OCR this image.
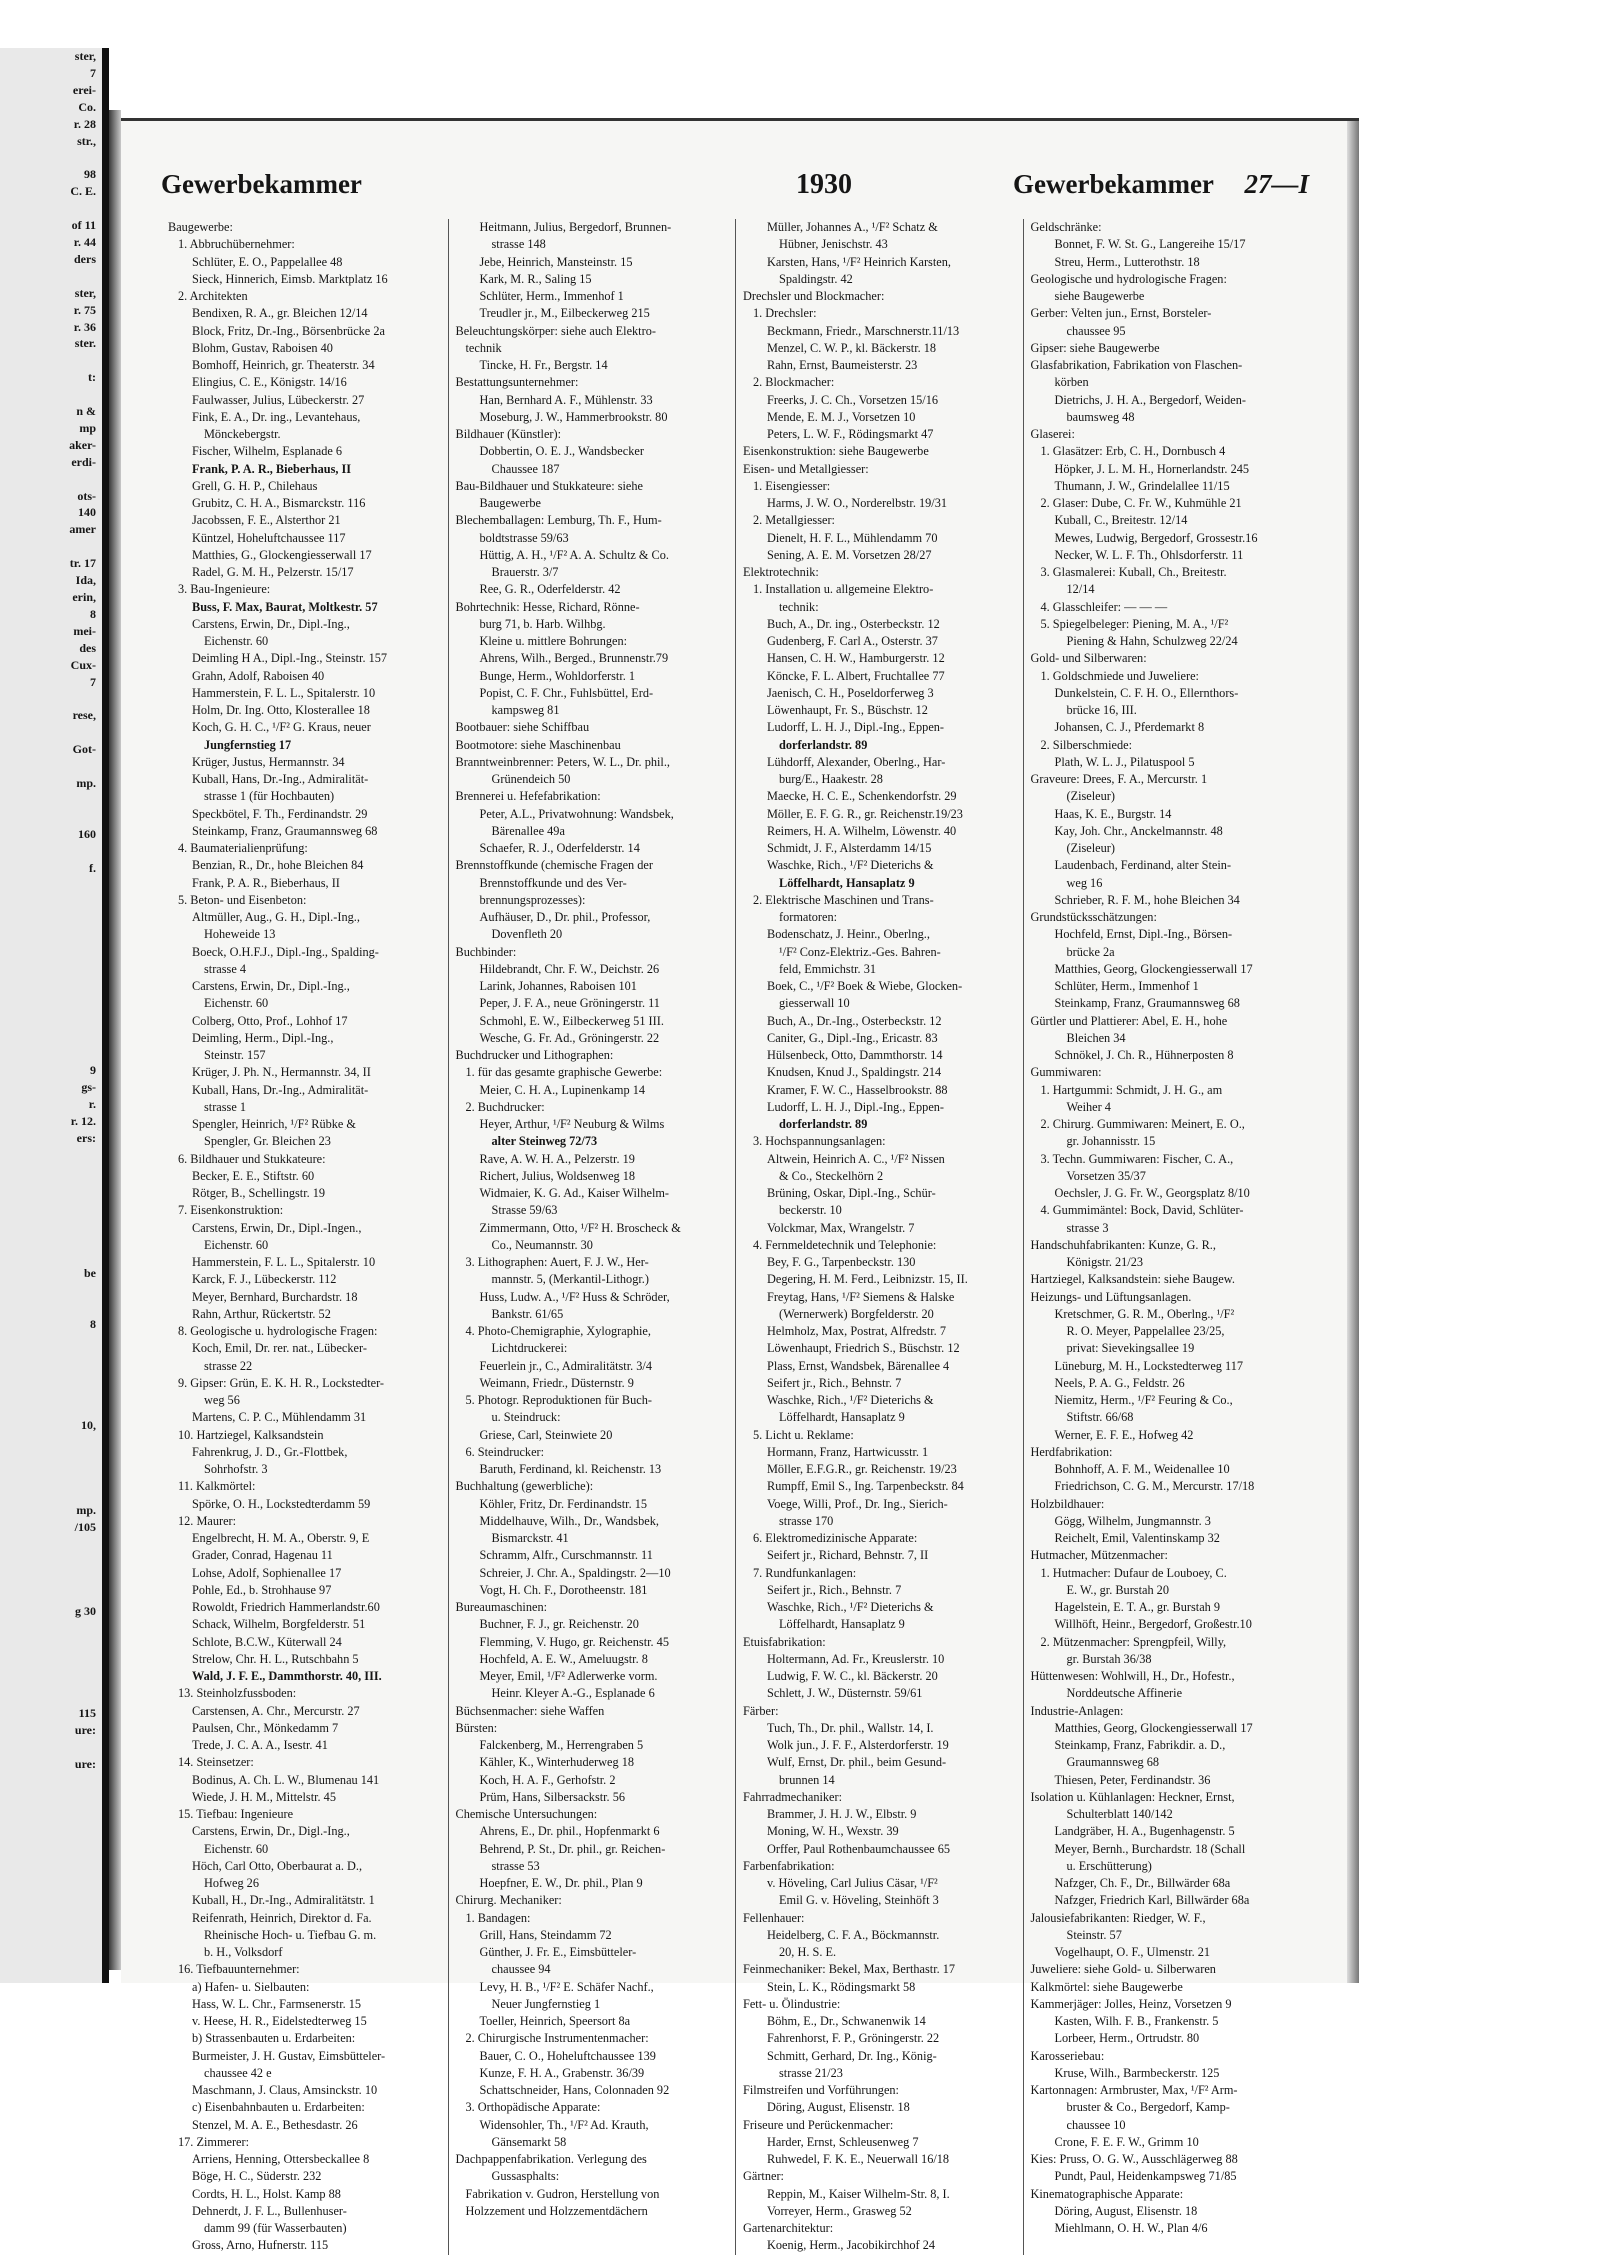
ster,
7
erei-
Co.
r. 28
str.,

98
C. E.

of 11
r. 44
ders

ster,
r. 75
r. 36
ster.

t:

n &
mp
aker-
erdi-

ots-
140
amer

tr. 17
Ida,
erin,
8
mei-
des
Cux-
7

rese,

Got-

mp.

160

f.

9
gs-
r.
r. 12.
ers:

be

8

10,

mp.
/105

g 30

115
ure:

ure:
Gewerbekammer	1930	Gewerbekammer 27—I
Baugewerbe:
1. Abbruchübernehmer:
Schlüter, E. O., Pappelallee 48
Sieck, Hinnerich, Eimsb. Marktplatz 16
2. Architekten
Bendixen, R. A., gr. Bleichen 12/14
Block, Fritz, Dr.-Ing., Börsenbrücke 2a
Blohm, Gustav, Raboisen 40
Bomhoff, Heinrich, gr. Theaterstr. 34
Elingius, C. E., Königstr. 14/16
Faulwasser, Julius, Lübeckerstr. 27
Fink, E. A., Dr. ing., Levantehaus,
Mönckebergstr.
Fischer, Wilhelm, Esplanade 6
Frank, P. A. R., Bieberhaus, II
Grell, G. H. P., Chilehaus
Grubitz, C. H. A., Bismarckstr. 116
Jacobssen, F. E., Alsterthor 21
Küntzel, Hoheluftchaussee 117
Matthies, G., Glockengiesserwall 17
Radel, G. M. H., Pelzerstr. 15/17
3. Bau-Ingenieure:
Buss, F. Max, Baurat, Moltkestr. 57
Carstens, Erwin, Dr., Dipl.-Ing.,
Eichenstr. 60
Deimling H A., Dipl.-Ing., Steinstr. 157
Grahn, Adolf, Raboisen 40
Hammerstein, F. L. L., Spitalerstr. 10
Holm, Dr. Ing. Otto, Klosterallee 18
Koch, G. H. C., ¹/F² G. Kraus, neuer
Jungfernstieg 17
Krüger, Justus, Hermannstr. 34
Kuball, Hans, Dr.-Ing., Admiralität-
strasse 1 (für Hochbauten)
Speckbötel, F. Th., Ferdinandstr. 29
Steinkamp, Franz, Graumannsweg 68
4. Baumaterialienprüfung:
Benzian, R., Dr., hohe Bleichen 84
Frank, P. A. R., Bieberhaus, II
5. Beton- und Eisenbeton:
Altmüller, Aug., G. H., Dipl.-Ing.,
Hoheweide 13
Boeck, O.H.F.J., Dipl.-Ing., Spalding-
strasse 4
Carstens, Erwin, Dr., Dipl.-Ing.,
Eichenstr. 60
Colberg, Otto, Prof., Lohhof 17
Deimling, Herm., Dipl.-Ing.,
Steinstr. 157
Krüger, J. Ph. N., Hermannstr. 34, II
Kuball, Hans, Dr.-Ing., Admiralität-
strasse 1
Spengler, Heinrich, ¹/F² Rübke &
Spengler, Gr. Bleichen 23
6. Bildhauer und Stukkateure:
Becker, E. E., Stiftstr. 60
Rötger, B., Schellingstr. 19
7. Eisenkonstruktion:
Carstens, Erwin, Dr., Dipl.-Ingen.,
Eichenstr. 60
Hammerstein, F. L. L., Spitalerstr. 10
Karck, F. J., Lübeckerstr. 112
Meyer, Bernhard, Burchardstr. 18
Rahn, Arthur, Rückertstr. 52
8. Geologische u. hydrologische Fragen:
Koch, Emil, Dr. rer. nat., Lübecker-
strasse 22
9. Gipser: Grün, E. K. H. R., Lockstedter-
weg 56
Martens, C. P. C., Mühlendamm 31
10. Hartziegel, Kalksandstein
Fahrenkrug, J. D., Gr.-Flottbek,
Sohrhofstr. 3
11. Kalkmörtel:
Spörke, O. H., Lockstedterdamm 59
12. Maurer:
Engelbrecht, H. M. A., Oberstr. 9, E
Grader, Conrad, Hagenau 11
Lohse, Adolf, Sophienallee 17
Pohle, Ed., b. Strohhause 97
Rowoldt, Friedrich Hammerlandstr.60
Schack, Wilhelm, Borgfelderstr. 51
Schlote, B.C.W., Küterwall 24
Strelow, Chr. H. L., Rutschbahn 5
Wald, J. F. E., Dammthorstr. 40, III.
13. Steinholzfussboden:
Carstensen, A. Chr., Mercurstr. 27
Paulsen, Chr., Mönkedamm 7
Trede, J. C. A. A., Isestr. 41
14. Steinsetzer:
Bodinus, A. Ch. L. W., Blumenau 141
Wiede, J. H. M., Mittelstr. 45
15. Tiefbau: Ingenieure
Carstens, Erwin, Dr., Digl.-Ing.,
Eichenstr. 60
Höch, Carl Otto, Oberbaurat a. D.,
Hofweg 26
Kuball, H., Dr.-Ing., Admiralitätstr. 1
Reifenrath, Heinrich, Direktor d. Fa.
Rheinische Hoch- u. Tiefbau G. m.
b. H., Volksdorf
16. Tiefbauunternehmer:
a) Hafen- u. Sielbauten:
Hass, W. L. Chr., Farmsenerstr. 15
v. Heese, H. R., Eidelstedterweg 15
b) Strassenbauten u. Erdarbeiten:
Burmeister, J. H. Gustav, Eimsbütteler-
chaussee 42 e
Maschmann, J. Claus, Amsinckstr. 10
c) Eisenbahnbauten u. Erdarbeiten:
Stenzel, M. A. E., Bethesdastr. 26
17. Zimmerer:
Arriens, Henning, Ottersbeckallee 8
Böge, H. C., Süderstr. 232
Cordts, H. L., Holst. Kamp 88
Dehnerdt, J. F. L., Bullenhuser-
damm 99 (für Wasserbauten)
Gross, Arno, Hufnerstr. 115
Heitmann, Julius, Bergedorf, Brunnen-
strasse 148
Jebe, Heinrich, Mansteinstr. 15
Kark, M. R., Saling 15
Schlüter, Herm., Immenhof 1
Treudler jr., M., Eilbeckerweg 215
Beleuchtungskörper: siehe auch Elektro-
technik
Tincke, H. Fr., Bergstr. 14
Bestattungsunternehmer:
Han, Bernhard A. F., Mühlenstr. 33
Moseburg, J. W., Hammerbrookstr. 80
Bildhauer (Künstler):
Dobbertin, O. E. J., Wandsbecker
Chaussee 187
Bau-Bildhauer und Stukkateure: siehe
Baugewerbe
Blechemballagen: Lemburg, Th. F., Hum-
boldtstrasse 59/63
Hüttig, A. H., ¹/F² A. A. Schultz & Co.
Brauerstr. 3/7
Ree, G. R., Oderfelderstr. 42
Bohrtechnik: Hesse, Richard, Rönne-
burg 71, b. Harb. Wilhbg.
Kleine u. mittlere Bohrungen:
Ahrens, Wilh., Berged., Brunnenstr.79
Bunge, Herm., Wohldorferstr. 1
Popist, C. F. Chr., Fuhlsbüttel, Erd-
kampsweg 81
Bootbauer: siehe Schiffbau
Bootmotore: siehe Maschinenbau
Branntweinbrenner: Peters, W. L., Dr. phil.,
Grünendeich 50
Brennerei u. Hefefabrikation:
Peter, A.L., Privatwohnung: Wandsbek,
Bärenallee 49a
Schaefer, R. J., Oderfelderstr. 14
Brennstoffkunde (chemische Fragen der
Brennstoffkunde und des Ver-
brennungsprozesses):
Aufhäuser, D., Dr. phil., Professor,
Dovenfleth 20
Buchbinder:
Hildebrandt, Chr. F. W., Deichstr. 26
Larink, Johannes, Raboisen 101
Peper, J. F. A., neue Gröningerstr. 11
Schmohl, E. W., Eilbeckerweg 51 III.
Wesche, G. Fr. Ad., Gröningerstr. 22
Buchdrucker und Lithographen:
1. für das gesamte graphische Gewerbe:
Meier, C. H. A., Lupinenkamp 14
2. Buchdrucker:
Heyer, Arthur, ¹/F² Neuburg & Wilms
alter Steinweg 72/73
Rave, A. W. H. A., Pelzerstr. 19
Richert, Julius, Woldsenweg 18
Widmaier, K. G. Ad., Kaiser Wilhelm-
Strasse 59/63
Zimmermann, Otto, ¹/F² H. Broscheck &
Co., Neumannstr. 30
3. Lithographen: Auert, F. J. W., Her-
mannstr. 5, (Merkantil-Lithogr.)
Huss, Ludw. A., ¹/F² Huss & Schröder,
Bankstr. 61/65
4. Photo-Chemigraphie, Xylographie,
Lichtdruckerei:
Feuerlein jr., C., Admiralitätstr. 3/4
Weimann, Friedr., Düsternstr. 9
5. Photogr. Reproduktionen für Buch-
u. Steindruck:
Griese, Carl, Steinwiete 20
6. Steindrucker:
Baruth, Ferdinand, kl. Reichenstr. 13
Buchhaltung (gewerbliche):
Köhler, Fritz, Dr. Ferdinandstr. 15
Middelhauve, Wilh., Dr., Wandsbek,
Bismarckstr. 41
Schramm, Alfr., Curschmannstr. 11
Schreier, J. Chr. A., Spaldingstr. 2—10
Vogt, H. Ch. F., Dorotheenstr. 181
Bureaumaschinen:
Buchner, F. J., gr. Reichenstr. 20
Flemming, V. Hugo, gr. Reichenstr. 45
Hochfeld, A. E. W., Ameluugstr. 8
Meyer, Emil, ¹/F² Adlerwerke vorm.
Heinr. Kleyer A.-G., Esplanade 6
Büchsenmacher: siehe Waffen
Bürsten:
Falckenberg, M., Herrengraben 5
Kähler, K., Winterhuderweg 18
Koch, H. A. F., Gerhofstr. 2
Prüm, Hans, Silbersackstr. 56
Chemische Untersuchungen:
Ahrens, E., Dr. phil., Hopfenmarkt 6
Behrend, P. St., Dr. phil., gr. Reichen-
strasse 53
Hoepfner, E. W., Dr. phil., Plan 9
Chirurg. Mechaniker:
1. Bandagen:
Grill, Hans, Steindamm 72
Günther, J. Fr. E., Eimsbütteler-
chaussee 94
Levy, H. B., ¹/F² E. Schäfer Nachf.,
Neuer Jungfernstieg 1
Toeller, Heinrich, Speersort 8a
2. Chirurgische Instrumentenmacher:
Bauer, C. O., Hoheluftchaussee 139
Kunze, F. H. A., Grabenstr. 36/39
Schattschneider, Hans, Colonnaden 92
3. Orthopädische Apparate:
Widensohler, Th., ¹/F² Ad. Krauth,
Gänsemarkt 58
Dachpappenfabrikation. Verlegung des
Gussasphalts:
Fabrikation v. Gudron, Herstellung von
Holzzement und Holzzementdächern
Müller, Johannes A., ¹/F² Schatz &
Hübner, Jenischstr. 43
Karsten, Hans, ¹/F² Heinrich Karsten,
Spaldingstr. 42
Drechsler und Blockmacher:
1. Drechsler:
Beckmann, Friedr., Marschnerstr.11/13
Menzel, C. W. P., kl. Bäckerstr. 18
Rahn, Ernst, Baumeisterstr. 23
2. Blockmacher:
Freerks, J. C. Ch., Vorsetzen 15/16
Mende, E. M. J., Vorsetzen 10
Peters, L. W. F., Rödingsmarkt 47
Eisenkonstruktion: siehe Baugewerbe
Eisen- und Metallgiesser:
1. Eisengiesser:
Harms, J. W. O., Norderelbstr. 19/31
2. Metallgiesser:
Dienelt, H. F. L., Mühlendamm 70
Sening, A. E. M. Vorsetzen 28/27
Elektrotechnik:
1. Installation u. allgemeine Elektro-
technik:
Buch, A., Dr. ing., Osterbeckstr. 12
Gudenberg, F. Carl A., Osterstr. 37
Hansen, C. H. W., Hamburgerstr. 12
Köncke, F. L. Albert, Fruchtallee 77
Jaenisch, C. H., Poseldorferweg 3
Löwenhaupt, Fr. S., Büschstr. 12
Ludorff, L. H. J., Dipl.-Ing., Eppen-
dorferlandstr. 89
Lühdorff, Alexander, Oberlng., Har-
burg/E., Haakestr. 28
Maecke, H. C. E., Schenkendorfstr. 29
Möller, E. F. G. R., gr. Reichenstr.19/23
Reimers, H. A. Wilhelm, Löwenstr. 40
Schmidt, J. F., Alsterdamm 14/15
Waschke, Rich., ¹/F² Dieterichs &
Löffelhardt, Hansaplatz 9
2. Elektrische Maschinen und Trans-
formatoren:
Bodenschatz, J. Heinr., Oberlng.,
¹/F² Conz-Elektriz.-Ges. Bahren-
feld, Emmichstr. 31
Boek, C., ¹/F² Boek & Wiebe, Glocken-
giesserwall 10
Buch, A., Dr.-Ing., Osterbeckstr. 12
Caniter, G., Dipl.-Ing., Ericastr. 83
Hülsenbeck, Otto, Dammthorstr. 14
Knudsen, Knud J., Spaldingstr. 214
Kramer, F. W. C., Hasselbrookstr. 88
Ludorff, L. H. J., Dipl.-Ing., Eppen-
dorferlandstr. 89
3. Hochspannungsanlagen:
Altwein, Heinrich A. C., ¹/F² Nissen
& Co., Steckelhörn 2
Brüning, Oskar, Dipl.-Ing., Schür-
beckerstr. 10
Volckmar, Max, Wrangelstr. 7
4. Fernmeldetechnik und Telephonie:
Bey, F. G., Tarpenbeckstr. 130
Degering, H. M. Ferd., Leibnizstr. 15, II.
Freytag, Hans, ¹/F² Siemens & Halske
(Wernerwerk) Borgfelderstr. 20
Helmholz, Max, Postrat, Alfredstr. 7
Löwenhaupt, Friedrich S., Büschstr. 12
Plass, Ernst, Wandsbek, Bärenallee 4
Seifert jr., Rich., Behnstr. 7
Waschke, Rich., ¹/F² Dieterichs &
Löffelhardt, Hansaplatz 9
5. Licht u. Reklame:
Hormann, Franz, Hartwicusstr. 1
Möller, E.F.G.R., gr. Reichenstr. 19/23
Rumpff, Emil S., Ing. Tarpenbeckstr. 84
Voege, Willi, Prof., Dr. Ing., Sierich-
strasse 170
6. Elektromedizinische Apparate:
Seifert jr., Richard, Behnstr. 7, II
7. Rundfunkanlagen:
Seifert jr., Rich., Behnstr. 7
Waschke, Rich., ¹/F² Dieterichs &
Löffelhardt, Hansaplatz 9
Etuisfabrikation:
Holtermann, Ad. Fr., Kreuslerstr. 10
Ludwig, F. W. C., kl. Bäckerstr. 20
Schlett, J. W., Düsternstr. 59/61
Färber:
Tuch, Th., Dr. phil., Wallstr. 14, I.
Wolk jun., J. F. F., Alsterdorferstr. 19
Wulf, Ernst, Dr. phil., beim Gesund-
brunnen 14
Fahrradmechaniker:
Brammer, J. H. J. W., Elbstr. 9
Moning, W. H., Wexstr. 39
Orffer, Paul Rothenbaumchaussee 65
Farbenfabrikation:
v. Höveling, Carl Julius Cäsar, ¹/F²
Emil G. v. Höveling, Steinhöft 3
Fellenhauer:
Heidelberg, C. F. A., Böckmannstr.
20, H. S. E.
Feinmechaniker: Bekel, Max, Berthastr. 17
Stein, L. K., Rödingsmarkt 58
Fett- u. Ölindustrie:
Böhm, E., Dr., Schwanenwik 14
Fahrenhorst, F. P., Gröningerstr. 22
Schmitt, Gerhard, Dr. Ing., König-
strasse 21/23
Filmstreifen und Vorführungen:
Döring, August, Elisenstr. 18
Friseure und Perückenmacher:
Harder, Ernst, Schleusenweg 7
Ruhwedel, F. K. E., Neuerwall 16/18
Gärtner:
Reppin, M., Kaiser Wilhelm-Str. 8, I.
Vorreyer, Herm., Grasweg 52
Gartenarchitektur:
Koenig, Herm., Jacobikirchhof 24
Geldschränke:
Bonnet, F. W. St. G., Langereihe 15/17
Streu, Herm., Lutterothstr. 18
Geologische und hydrologische Fragen:
siehe Baugewerbe
Gerber: Velten jun., Ernst, Borsteler-
chaussee 95
Gipser: siehe Baugewerbe
Glasfabrikation, Fabrikation von Flaschen-
körben
Dietrichs, J. H. A., Bergedorf, Weiden-
baumsweg 48
Glaserei:
1. Glasätzer: Erb, C. H., Dornbusch 4
Höpker, J. L. M. H., Hornerlandstr. 245
Thumann, J. W., Grindelallee 11/15
2. Glaser: Dube, C. Fr. W., Kuhmühle 21
Kuball, C., Breitestr. 12/14
Mewes, Ludwig, Bergedorf, Grossestr.16
Necker, W. L. F. Th., Ohlsdorferstr. 11
3. Glasmalerei: Kuball, Ch., Breitestr.
12/14
4. Glasschleifer: — — —
5. Spiegelbeleger: Piening, M. A., ¹/F²
Piening & Hahn, Schulzweg 22/24
Gold- und Silberwaren:
1. Goldschmiede und Juweliere:
Dunkelstein, C. F. H. O., Ellernthors-
brücke 16, III.
Johansen, C. J., Pferdemarkt 8
2. Silberschmiede:
Plath, W. L. J., Pilatuspool 5
Graveure: Drees, F. A., Mercurstr. 1
(Ziseleur)
Haas, K. E., Burgstr. 14
Kay, Joh. Chr., Anckelmannstr. 48
(Ziseleur)
Laudenbach, Ferdinand, alter Stein-
weg 16
Schrieber, R. F. M., hohe Bleichen 34
Grundstücksschätzungen:
Hochfeld, Ernst, Dipl.-Ing., Börsen-
brücke 2a
Matthies, Georg, Glockengiesserwall 17
Schlüter, Herm., Immenhof 1
Steinkamp, Franz, Graumannsweg 68
Gürtler und Plattierer: Abel, E. H., hohe
Bleichen 34
Schnökel, J. Ch. R., Hühnerposten 8
Gummiwaren:
1. Hartgummi: Schmidt, J. H. G., am
Weiher 4
2. Chirurg. Gummiwaren: Meinert, E. O.,
gr. Johannisstr. 15
3. Techn. Gummiwaren: Fischer, C. A.,
Vorsetzen 35/37
Oechsler, J. G. Fr. W., Georgsplatz 8/10
4. Gummimäntel: Bock, David, Schlüter-
strasse 3
Handschuhfabrikanten: Kunze, G. R.,
Königstr. 21/23
Hartziegel, Kalksandstein: siehe Baugew.
Heizungs- und Lüftungsanlagen.
Kretschmer, G. R. M., Oberlng., ¹/F²
R. O. Meyer, Pappelallee 23/25,
privat: Sievekingsallee 19
Lüneburg, M. H., Lockstedterweg 117
Neels, P. A. G., Feldstr. 26
Niemitz, Herm., ¹/F² Feuring & Co.,
Stiftstr. 66/68
Werner, E. F. E., Hofweg 42
Herdfabrikation:
Bohnhoff, A. F. M., Weidenallee 10
Friedrichson, C. G. M., Mercurstr. 17/18
Holzbildhauer:
Gögg, Wilhelm, Jungmannstr. 3
Reichelt, Emil, Valentinskamp 32
Hutmacher, Mützenmacher:
1. Hutmacher: Dufaur de Louboey, C.
E. W., gr. Burstah 20
Hagelstein, E. T. A., gr. Burstah 9
Willhöft, Heinr., Bergedorf, Großestr.10
2. Mützenmacher: Sprengpfeil, Willy,
gr. Burstah 36/38
Hüttenwesen: Wohlwill, H., Dr., Hofestr.,
Norddeutsche Affinerie
Industrie-Anlagen:
Matthies, Georg, Glockengiesserwall 17
Steinkamp, Franz, Fabrikdir. a. D.,
Graumannsweg 68
Thiesen, Peter, Ferdinandstr. 36
Isolation u. Kühlanlagen: Heckner, Ernst,
Schulterblatt 140/142
Landgräber, H. A., Bugenhagenstr. 5
Meyer, Bernh., Burchardstr. 18 (Schall
u. Erschütterung)
Nafzger, Ch. F., Dr., Billwärder 68a
Nafzger, Friedrich Karl, Billwärder 68a
Jalousiefabrikanten: Riedger, W. F.,
Steinstr. 57
Vogelhaupt, O. F., Ulmenstr. 21
Juweliere: siehe Gold- u. Silberwaren
Kalkmörtel: siehe Baugewerbe
Kammerjäger: Jolles, Heinz, Vorsetzen 9
Kasten, Wilh. F. B., Frankenstr. 5
Lorbeer, Herm., Ortrudstr. 80
Karosseriebau:
Kruse, Wilh., Barmbeckerstr. 125
Kartonnagen: Armbruster, Max, ¹/F² Arm-
bruster & Co., Bergedorf, Kamp-
chaussee 10
Crone, F. E. F. W., Grimm 10
Kies: Pruss, O. G. W., Ausschlägerweg 88
Pundt, Paul, Heidenkampsweg 71/85
Kinematographische Apparate:
Döring, August, Elisenstr. 18
Miehlmann, O. H. W., Plan 4/6
